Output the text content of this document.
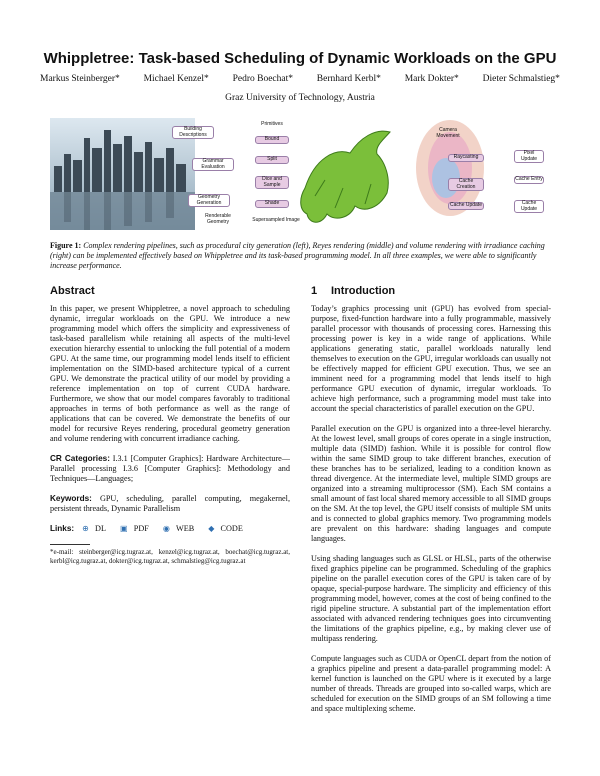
Whippletree: Task-based Scheduling of Dynamic Workloads on the GPU
Markus Steinberger*	Michael Kenzel*	Pedro Boechat*	Bernhard Kerbl*	Mark Dokter*	Dieter Schmalstieg*
Graz University of Technology, Austria
Building Descriptions
Grammar Evaluation
Geometry Generation
Renderable Geometry
Primitives
Bound
Split
Dice and Sample
Shade
Supersampled Image
Camera Movement
Raycasting
Pixel Update
Cache Creation
Cache Entry
Cache Update	Cache Update
Figure 1: Complex rendering pipelines, such as procedural city generation (left), Reyes rendering (middle) and volume rendering with irradiance caching (right) can be implemented effectively based on Whippletree and its task-based programming model. In all three examples, we were able to significantly increase performance.
Abstract

In this paper, we present Whippletree, a novel approach to scheduling dynamic, irregular workloads on the GPU. We introduce a new programming model which offers the simplicity and expressiveness of task-based parallelism while retaining all aspects of the multi-level execution hierarchy essential to unlocking the full potential of a modern GPU. At the same time, our programming model lends itself to efficient implementation on the SIMD-based architecture typical of a current GPU. We demonstrate the practical utility of our model by providing a reference implementation on top of current CUDA hardware. Furthermore, we show that our model compares favorably to traditional approaches in terms of both performance as well as the range of applications that can be covered. We demonstrate the benefits of our model for recursive Reyes rendering, procedural geometry generation and volume rendering with concurrent irradiance caching.

CR Categories: I.3.1 [Computer Graphics]: Hardware Architecture—Parallel processing I.3.6 [Computer Graphics]: Methodology and Techniques—Languages;

Keywords: GPU, scheduling, parallel computing, megakernel, persistent threads, Dynamic Parallelism

Links: ⊕ DL ▣ PDF ◉ WEB ◆ CODE

*e-mail: steinberger@icg.tugraz.at, kenzel@icg.tugraz.at, boechat@icg.tugraz.at, kerbl@icg.tugraz.at, dokter@icg.tugraz.at, schmalstieg@icg.tugraz.at
1 Introduction

Today’s graphics processing unit (GPU) has evolved from special-purpose, fixed-function hardware into a fully programmable, massively parallel processor with thousands of processing cores. Harnessing this processing power is key in a wide range of applications. While applications generating static, parallel workloads naturally lend themselves to execution on the GPU, irregular workloads can usually not be effectively mapped for efficient GPU execution. Thus, we see an imminent need for a programming model that lends itself to high performance GPU execution of dynamic, irregular workloads. To achieve high performance, such a programming model must take into account the special characteristics of parallel execution on the GPU.

Parallel execution on the GPU is organized into a three-level hierarchy. At the lowest level, small groups of cores operate in a single instruction, multiple data (SIMD) fashion. While it is possible for control flow within the same SIMD group to take different branches, execution of these branches has to be serialized, leading to a condition known as thread divergence. At the intermediate level, multiple SIMD groups are organized into a streaming multiprocessor (SM). Each SM contains a small amount of fast local shared memory accessible to all SIMD groups on the SM. At the top level, the GPU itself consists of multiple SM units and is connected to global graphics memory. Two programming models are prevalent on this hardware: shading languages and compute languages.

Using shading languages such as GLSL or HLSL, parts of the otherwise fixed graphics pipeline can be programmed. Scheduling of the graphics pipeline on the parallel execution cores of the GPU is taken care of by opaque, special-purpose hardware. The simplicity and efficiency of this programming model, however, comes at the cost of being confined to the rigid pipeline structure. A substantial part of the implementation effort associated with advanced rendering techniques goes into circumventing the limitations of the graphics pipeline, e.g., by making clever use of multipass rendering.

Compute languages such as CUDA or OpenCL depart from the notion of a graphics pipeline and present a data-parallel programming model: A kernel function is launched on the GPU where is it executed by a large number of threads. Threads are grouped into so-called warps, which are scheduled for execution on the SIMD groups of an SM following a time and space multiplexing scheme.
